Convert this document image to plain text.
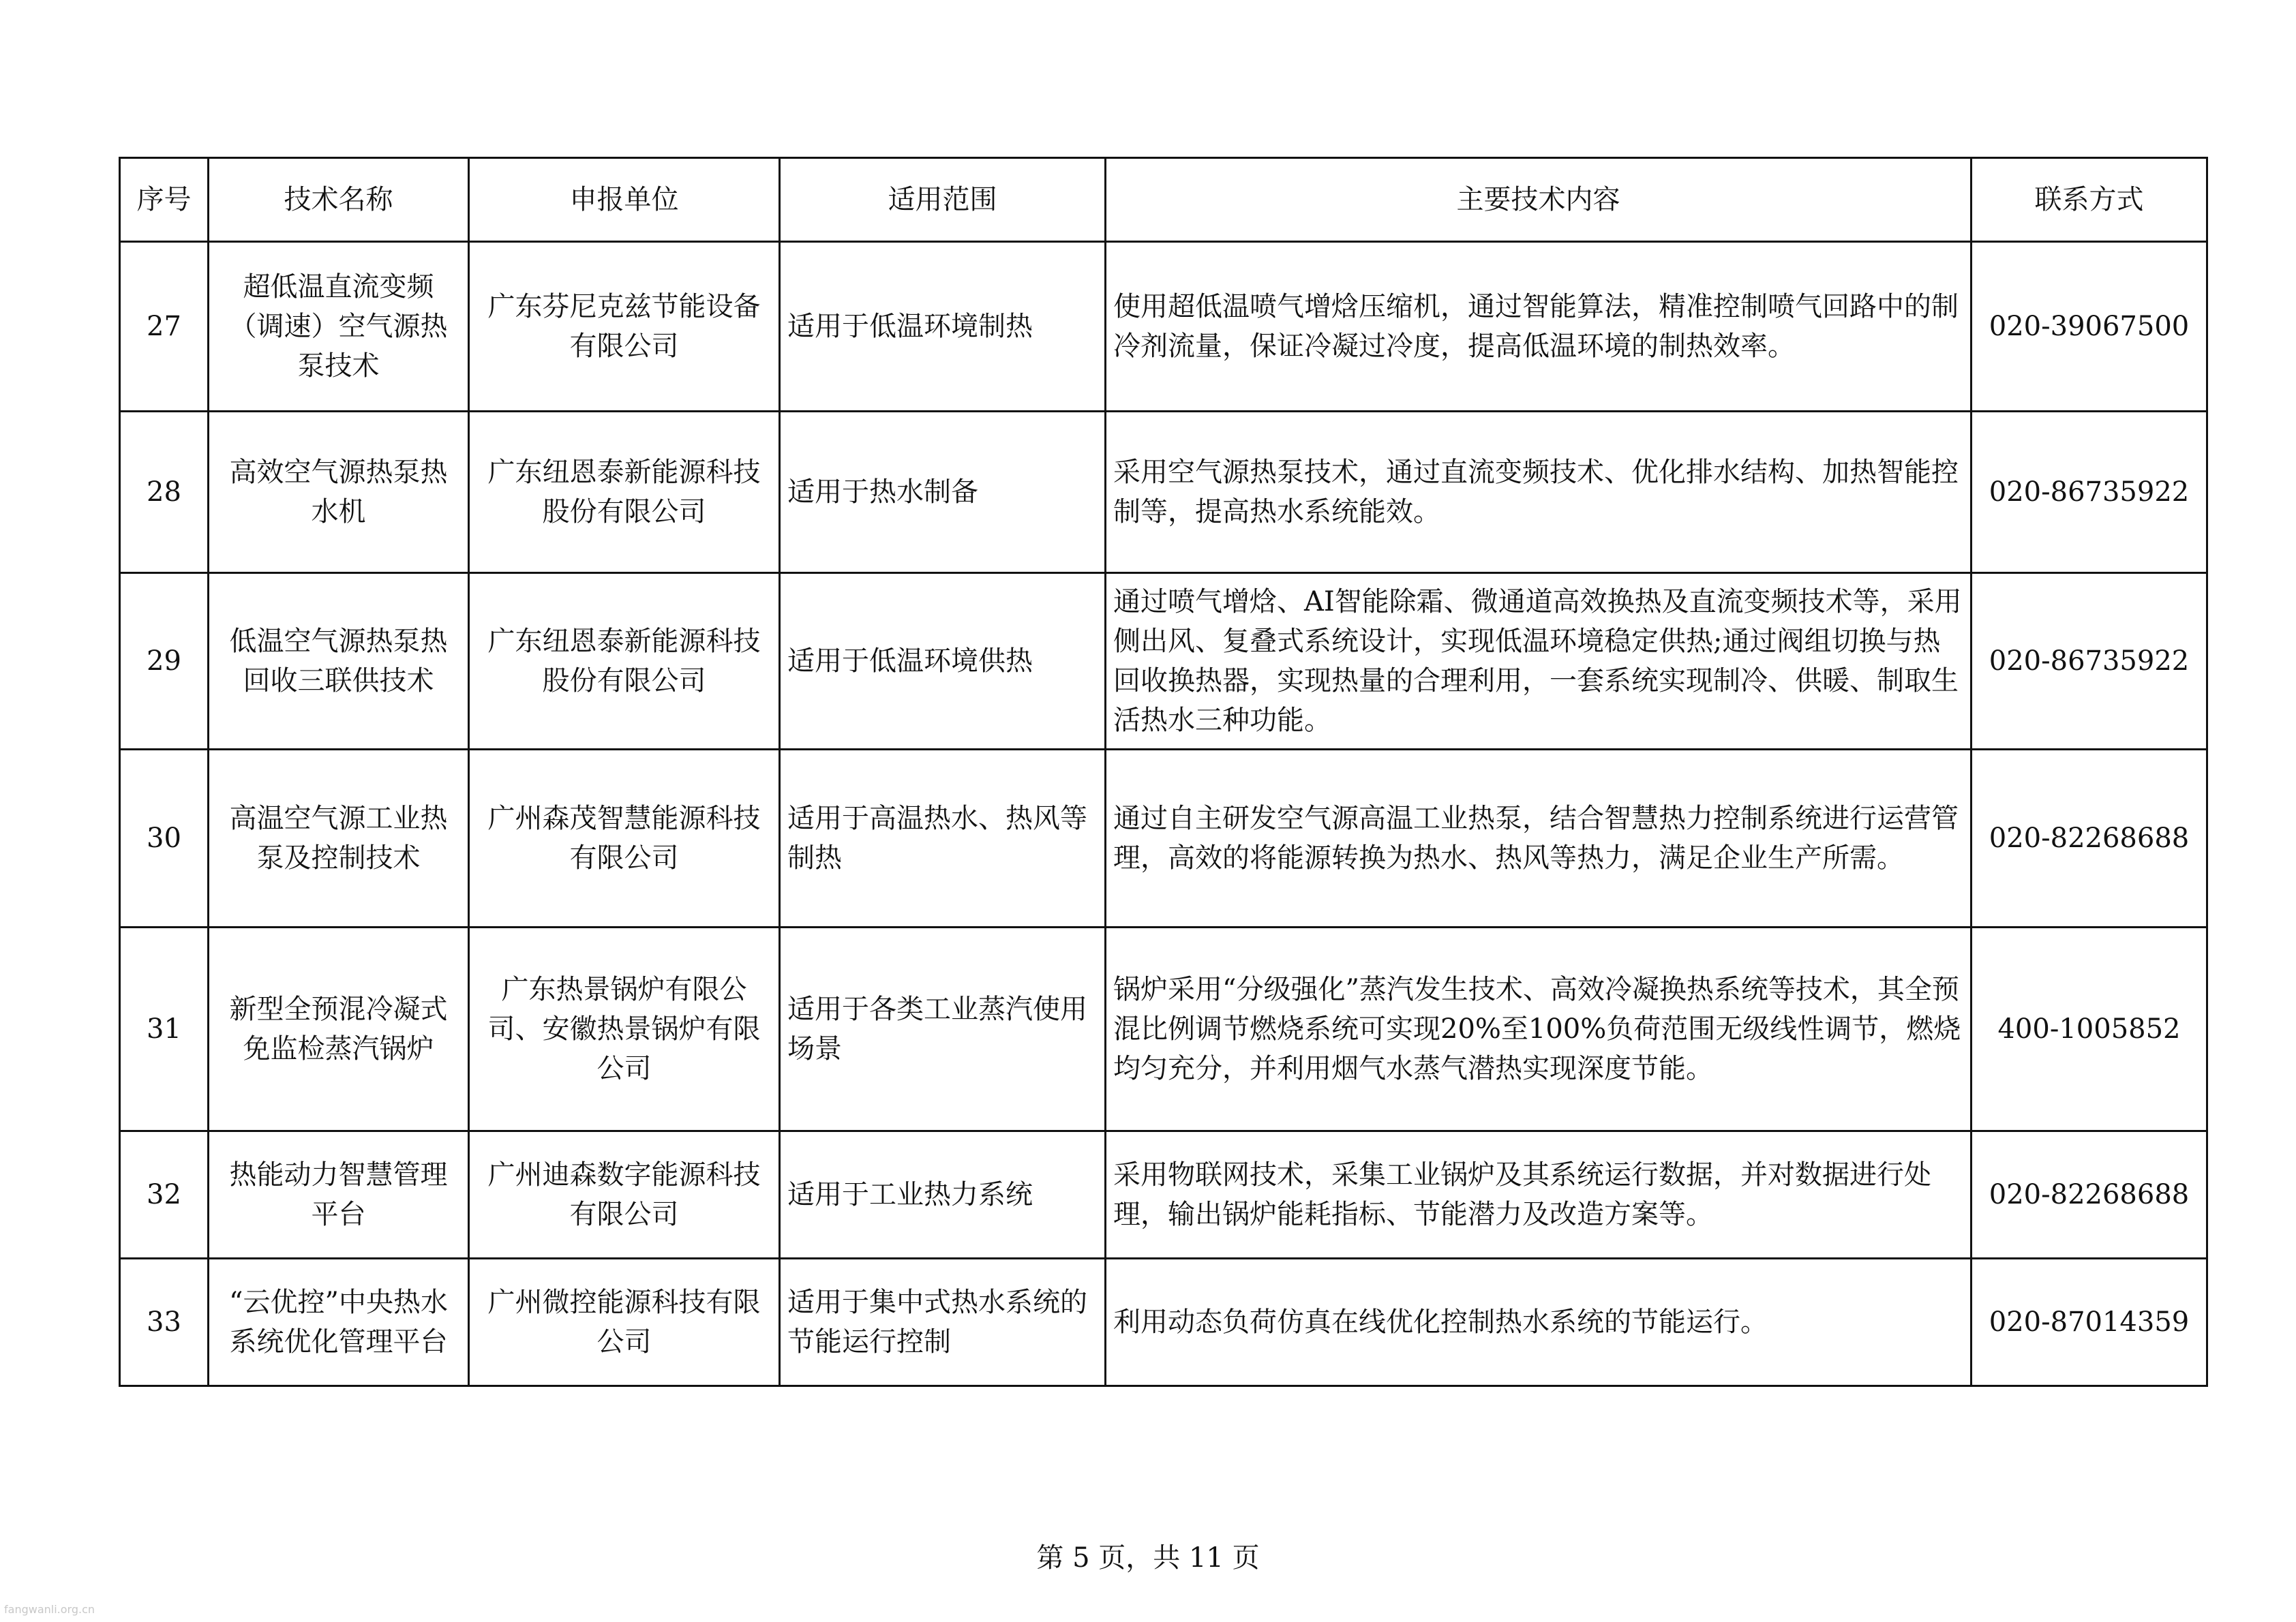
序号	技术名称	申报单位	适用范围	主要技术内容	联系方式
27	超低温直流变频（调速）空气源热泵技术	广东芬尼克兹节能设备有限公司	适用于低温环境制热	使用超低温喷气增焓压缩机，通过智能算法，精准控制喷气回路中的制冷剂流量，保证冷凝过冷度，提高低温环境的制热效率。	020-39067500
28	高效空气源热泵热水机	广东纽恩泰新能源科技股份有限公司	适用于热水制备	采用空气源热泵技术，通过直流变频技术、优化排水结构、加热智能控制等，提高热水系统能效。	020-86735922
29	低温空气源热泵热回收三联供技术	广东纽恩泰新能源科技股份有限公司	适用于低温环境供热	通过喷气增焓、AI智能除霜、微通道高效换热及直流变频技术等，采用侧出风、复叠式系统设计，实现低温环境稳定供热;通过阀组切换与热回收换热器，实现热量的合理利用，一套系统实现制冷、供暖、制取生活热水三种功能。	020-86735922
30	高温空气源工业热泵及控制技术	广州森茂智慧能源科技有限公司	适用于高温热水、热风等制热	通过自主研发空气源高温工业热泵，结合智慧热力控制系统进行运营管理，高效的将能源转换为热水、热风等热力，满足企业生产所需。	020-82268688
31	新型全预混冷凝式免监检蒸汽锅炉	广东热景锅炉有限公司、安徽热景锅炉有限公司	适用于各类工业蒸汽使用场景	锅炉采用“分级强化”蒸汽发生技术、高效冷凝换热系统等技术，其全预混比例调节燃烧系统可实现20%至100%负荷范围无级线性调节，燃烧均匀充分，并利用烟气水蒸气潜热实现深度节能。	400-1005852
32	热能动力智慧管理平台	广州迪森数字能源科技有限公司	适用于工业热力系统	采用物联网技术，采集工业锅炉及其系统运行数据，并对数据进行处理，输出锅炉能耗指标、节能潜力及改造方案等。	020-82268688
33	“云优控”中央热水系统优化管理平台	广州微控能源科技有限公司	适用于集中式热水系统的节能运行控制	利用动态负荷仿真在线优化控制热水系统的节能运行。	020-87014359
第 5 页，共 11 页
fangwanli.org.cn
